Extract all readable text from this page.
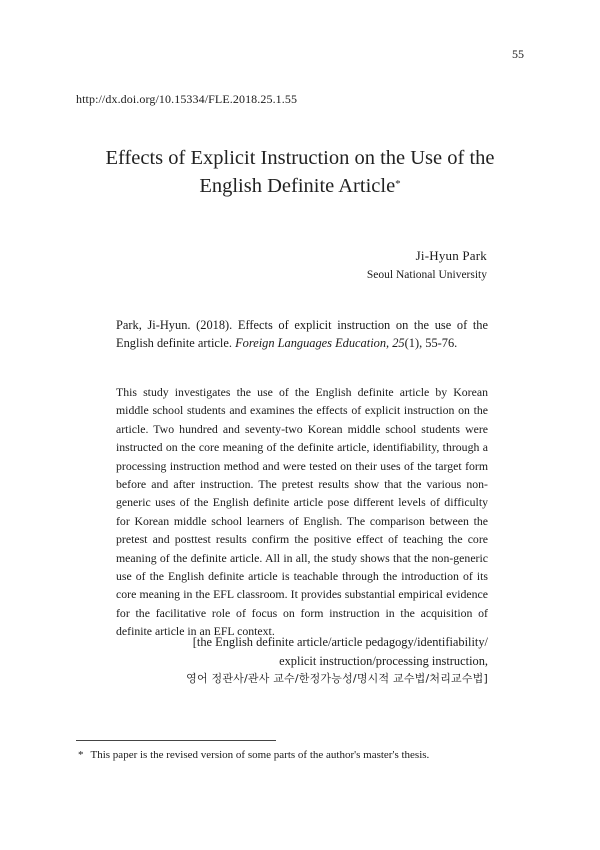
55
http://dx.doi.org/10.15334/FLE.2018.25.1.55
Effects of Explicit Instruction on the Use of the
English Definite Article*
Ji-Hyun Park
Seoul National University
Park, Ji-Hyun. (2018). Effects of explicit instruction on the use of the English definite article. Foreign Languages Education, 25(1), 55-76.

This study investigates the use of the English definite article by Korean middle school students and examines the effects of explicit instruction on the article. Two hundred and seventy-two Korean middle school students were instructed on the core meaning of the definite article, identifiability, through a processing instruction method and were tested on their uses of the target form before and after instruction. The pretest results show that the various non-generic uses of the English definite article pose different levels of difficulty for Korean middle school learners of English. The comparison between the pretest and posttest results confirm the positive effect of teaching the core meaning of the definite article. All in all, the study shows that the non-generic use of the English definite article is teachable through the introduction of its core meaning in the EFL classroom. It provides substantial empirical evidence for the facilitative role of focus on form instruction in the acquisition of definite article in an EFL context.

[the English definite article/article pedagogy/identifiability/
explicit instruction/processing instruction,
영어 정관사/관사 교수/한정가능성/명시적 교수법/처리교수법]
* This paper is the revised version of some parts of the author's master's thesis.
